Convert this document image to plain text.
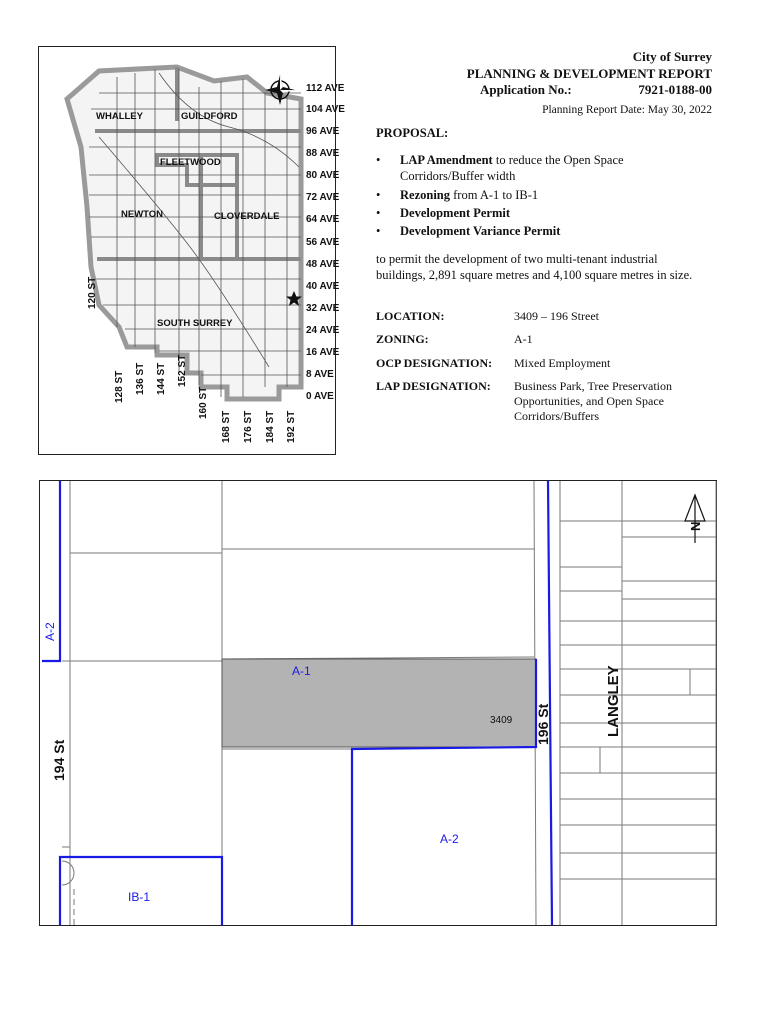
WHALLEY	GUILDFORD
FLEETWOOD
NEWTON	CLOVERDALE
SOUTH SURREY
112 AVE
104 AVE
96 AVE
88 AVE
80 AVE
72 AVE
64 AVE
56 AVE
48 AVE
40 AVE
32 AVE
24 AVE
16 AVE
8 AVE
0 AVE
120 ST
128 ST 136 ST 144 ST 152 ST
160 ST
168 ST 176 ST 184 ST 192 ST
City of Surrey
PLANNING & DEVELOPMENT REPORT
Application No.:	7921-0188-00
Planning Report Date: May 30, 2022
PROPOSAL:
• LAP Amendment to reduce the Open Space Corridors/Buffer width
• Rezoning from A-1 to IB-1
• Development Permit
• Development Variance Permit
to permit the development of two multi-tenant industrial buildings, 2,891 square metres and 4,100 square metres in size.
LOCATION:	3409 – 196 Street
ZONING:	A-1
OCP DESIGNATION: Mixed Employment
LAP DESIGNATION: Business Park, Tree Preservation Opportunities, and Open Space Corridors/Buffers
N
A-2
A-1
A-2
IB-1
3409
194 St
196 St	LANGLEY
